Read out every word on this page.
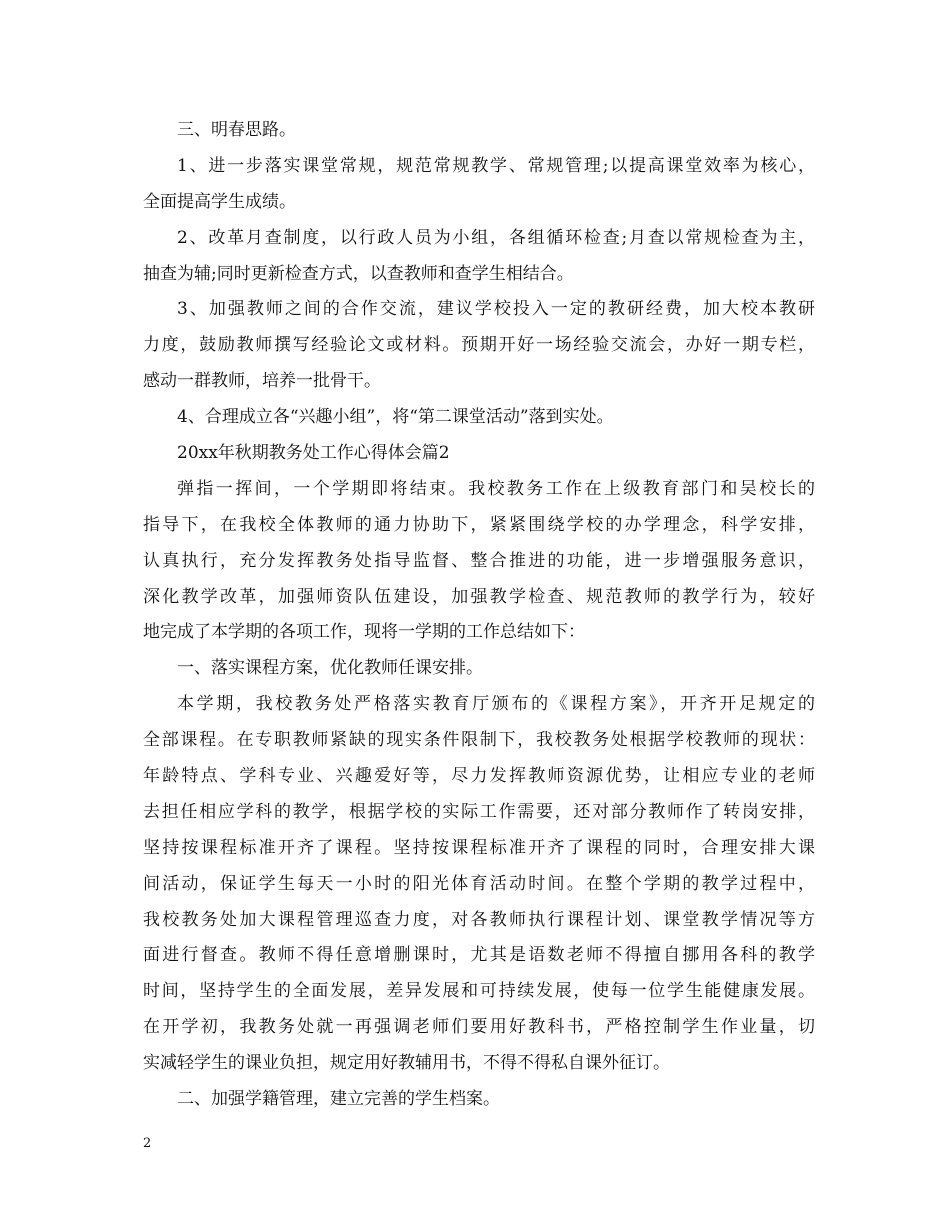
三、明春思路。
1、进一步落实课堂常规，规范常规教学、常规管理;以提高课堂效率为核心，
全面提高学生成绩。
2、改革月查制度，以行政人员为小组，各组循环检查;月查以常规检查为主，
抽查为辅;同时更新检查方式，以查教师和查学生相结合。
3、加强教师之间的合作交流，建议学校投入一定的教研经费，加大校本教研
力度，鼓励教师撰写经验论文或材料。预期开好一场经验交流会，办好一期专栏，
感动一群教师，培养一批骨干。
4、合理成立各“兴趣小组”，将“第二课堂活动”落到实处。
20xx年秋期教务处工作心得体会篇2
弹指一挥间，一个学期即将结束。我校教务工作在上级教育部门和吴校长的
指导下，在我校全体教师的通力协助下，紧紧围绕学校的办学理念，科学安排，
认真执行，充分发挥教务处指导监督、整合推进的功能，进一步增强服务意识，
深化教学改革，加强师资队伍建设，加强教学检查、规范教师的教学行为，较好
地完成了本学期的各项工作，现将一学期的工作总结如下：
一、落实课程方案，优化教师任课安排。
本学期，我校教务处严格落实教育厅颁布的《课程方案》，开齐开足规定的
全部课程。在专职教师紧缺的现实条件限制下，我校教务处根据学校教师的现状：
年龄特点、学科专业、兴趣爱好等，尽力发挥教师资源优势，让相应专业的老师
去担任相应学科的教学，根据学校的实际工作需要，还对部分教师作了转岗安排，
坚持按课程标准开齐了课程。坚持按课程标准开齐了课程的同时，合理安排大课
间活动，保证学生每天一小时的阳光体育活动时间。在整个学期的教学过程中，
我校教务处加大课程管理巡查力度，对各教师执行课程计划、课堂教学情况等方
面进行督查。教师不得任意增删课时，尤其是语数老师不得擅自挪用各科的教学
时间，坚持学生的全面发展，差异发展和可持续发展，使每一位学生能健康发展。
在开学初，我教务处就一再强调老师们要用好教科书，严格控制学生作业量，切
实减轻学生的课业负担，规定用好教辅用书，不得不得私自课外征订。
二、加强学籍管理，建立完善的学生档案。
2
